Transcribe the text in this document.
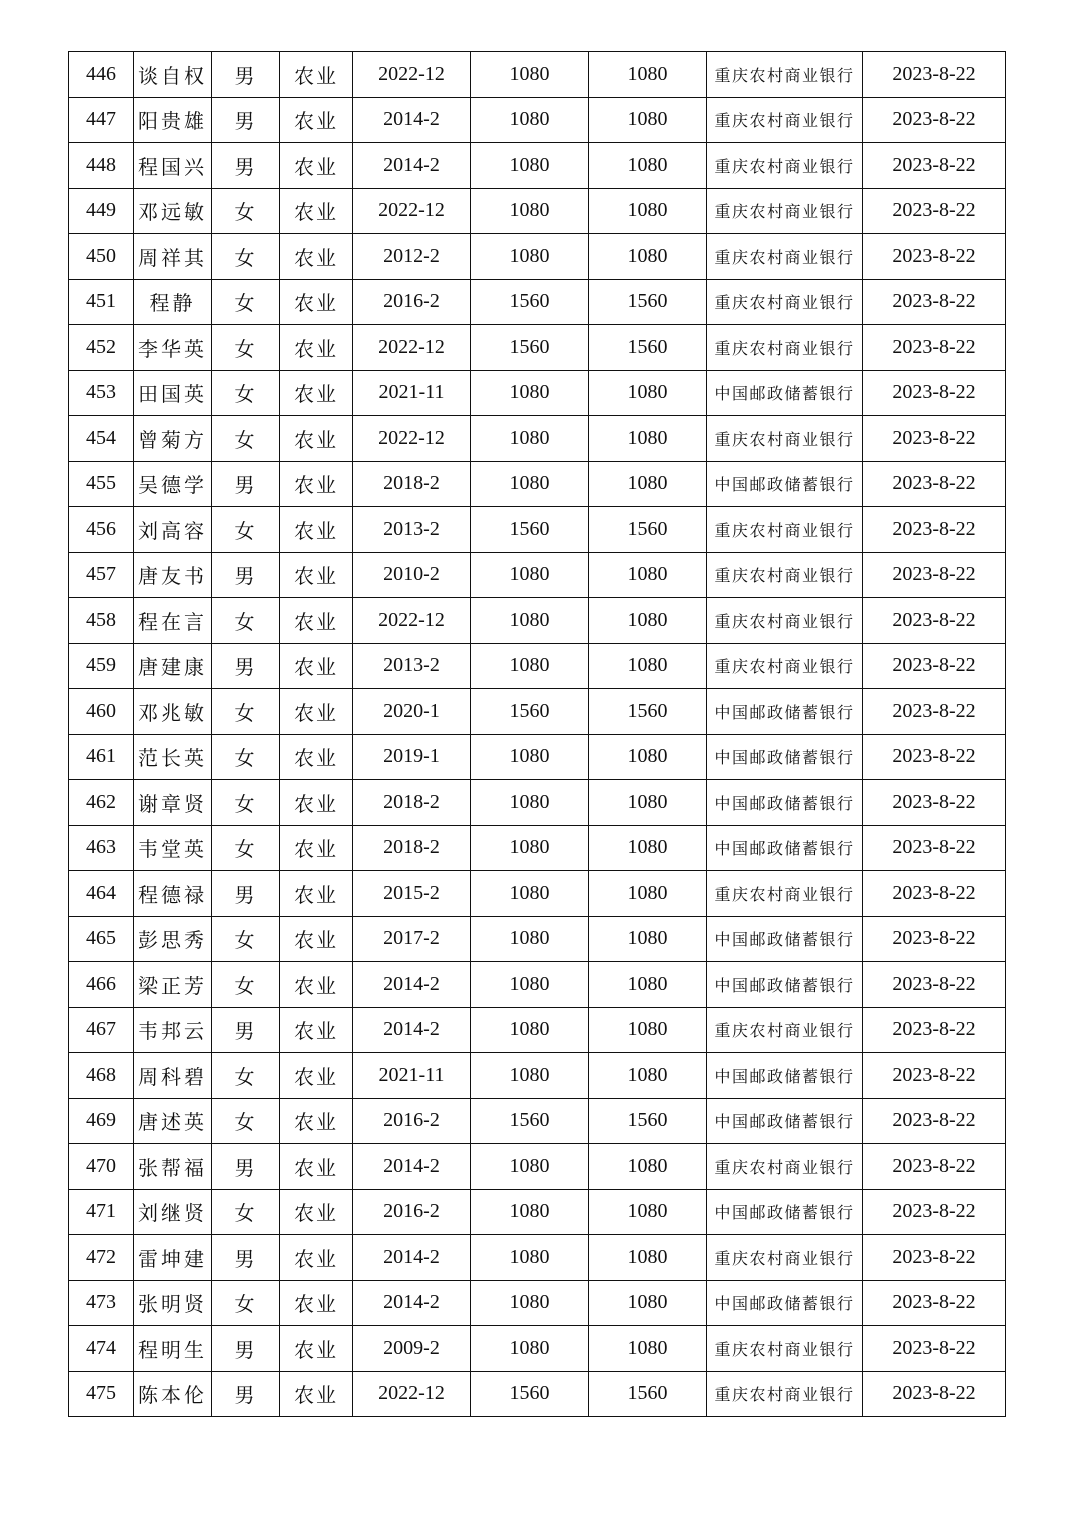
446	谈自权	男	农业	2022-12	1080	1080	重庆农村商业银行	2023-8-22
447	阳贵雄	男	农业	2014-2	1080	1080	重庆农村商业银行	2023-8-22
448	程国兴	男	农业	2014-2	1080	1080	重庆农村商业银行	2023-8-22
449	邓远敏	女	农业	2022-12	1080	1080	重庆农村商业银行	2023-8-22
450	周祥其	女	农业	2012-2	1080	1080	重庆农村商业银行	2023-8-22
451	程静	女	农业	2016-2	1560	1560	重庆农村商业银行	2023-8-22
452	李华英	女	农业	2022-12	1560	1560	重庆农村商业银行	2023-8-22
453	田国英	女	农业	2021-11	1080	1080	中国邮政储蓄银行	2023-8-22
454	曾菊方	女	农业	2022-12	1080	1080	重庆农村商业银行	2023-8-22
455	吴德学	男	农业	2018-2	1080	1080	中国邮政储蓄银行	2023-8-22
456	刘高容	女	农业	2013-2	1560	1560	重庆农村商业银行	2023-8-22
457	唐友书	男	农业	2010-2	1080	1080	重庆农村商业银行	2023-8-22
458	程在言	女	农业	2022-12	1080	1080	重庆农村商业银行	2023-8-22
459	唐建康	男	农业	2013-2	1080	1080	重庆农村商业银行	2023-8-22
460	邓兆敏	女	农业	2020-1	1560	1560	中国邮政储蓄银行	2023-8-22
461	范长英	女	农业	2019-1	1080	1080	中国邮政储蓄银行	2023-8-22
462	谢章贤	女	农业	2018-2	1080	1080	中国邮政储蓄银行	2023-8-22
463	韦堂英	女	农业	2018-2	1080	1080	中国邮政储蓄银行	2023-8-22
464	程德禄	男	农业	2015-2	1080	1080	重庆农村商业银行	2023-8-22
465	彭思秀	女	农业	2017-2	1080	1080	中国邮政储蓄银行	2023-8-22
466	梁正芳	女	农业	2014-2	1080	1080	中国邮政储蓄银行	2023-8-22
467	韦邦云	男	农业	2014-2	1080	1080	重庆农村商业银行	2023-8-22
468	周科碧	女	农业	2021-11	1080	1080	中国邮政储蓄银行	2023-8-22
469	唐述英	女	农业	2016-2	1560	1560	中国邮政储蓄银行	2023-8-22
470	张帮福	男	农业	2014-2	1080	1080	重庆农村商业银行	2023-8-22
471	刘继贤	女	农业	2016-2	1080	1080	中国邮政储蓄银行	2023-8-22
472	雷坤建	男	农业	2014-2	1080	1080	重庆农村商业银行	2023-8-22
473	张明贤	女	农业	2014-2	1080	1080	中国邮政储蓄银行	2023-8-22
474	程明生	男	农业	2009-2	1080	1080	重庆农村商业银行	2023-8-22
475	陈本伦	男	农业	2022-12	1560	1560	重庆农村商业银行	2023-8-22
